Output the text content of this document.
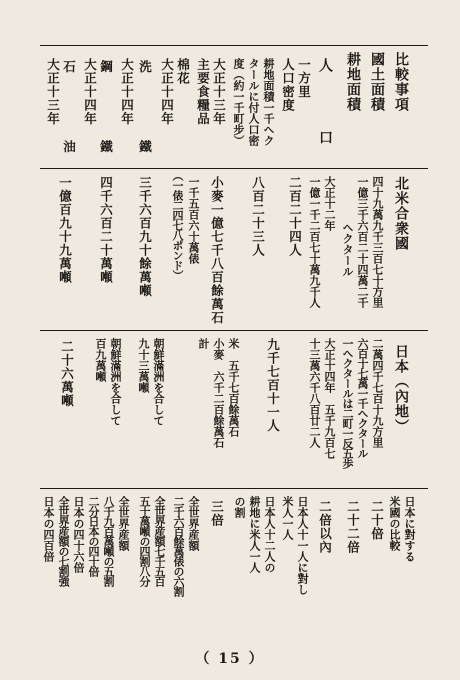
比較事項
國土面積
耕地面積
人
口
一方里
人口密度
耕地面積一千ヘク
タールに付人口密
度（約一千町步）
大正十三年
主要食糧品
棉花
大正十四年
洗
鐵
大正十四年
鋼
鐵
大正十四年
石
油
大正十三年
北米合衆國
四十九萬九千三百七十方里
一億三千六百二十四萬二千
ヘクタール
大正十二年
一億一千二百七十萬九千人
二百二十四人
八百二十三人
小麥一億七千八百餘萬石
一千五百六十萬俵
（一俵二四七八ポンド）
三千六百九十餘萬噸
四千六百二十萬噸
一億百九十九萬噸
日本（內地）
二萬四千七百十九方里
六百十七萬一千ヘクタール
一ヘクタールは二町一反五歩
大正十四年　五千九百七
十三萬六千八百廿二人
九千七百十一人
米　五千七百餘萬石
小麥　六千二百餘萬石
計
朝鮮滿洲を合して
九十三萬噸
朝鮮滿洲を合して
百九萬噸
二十六萬噸
日本に對する
米國の比較
二十倍
二十二倍
二倍以內
日本人十一人に對し
米人一人
日本人十二人の
耕地に米人一人
の割
三倍
全世界産額
二千六百餘萬俵の六割
全世界産額七千五百
五十萬噸の四割八分
全世界産額
八千九百萬噸の五割
二分日本の四十倍
日本の四十六倍
全世界産額の七割強
日本の四百倍
（ 15 ）
